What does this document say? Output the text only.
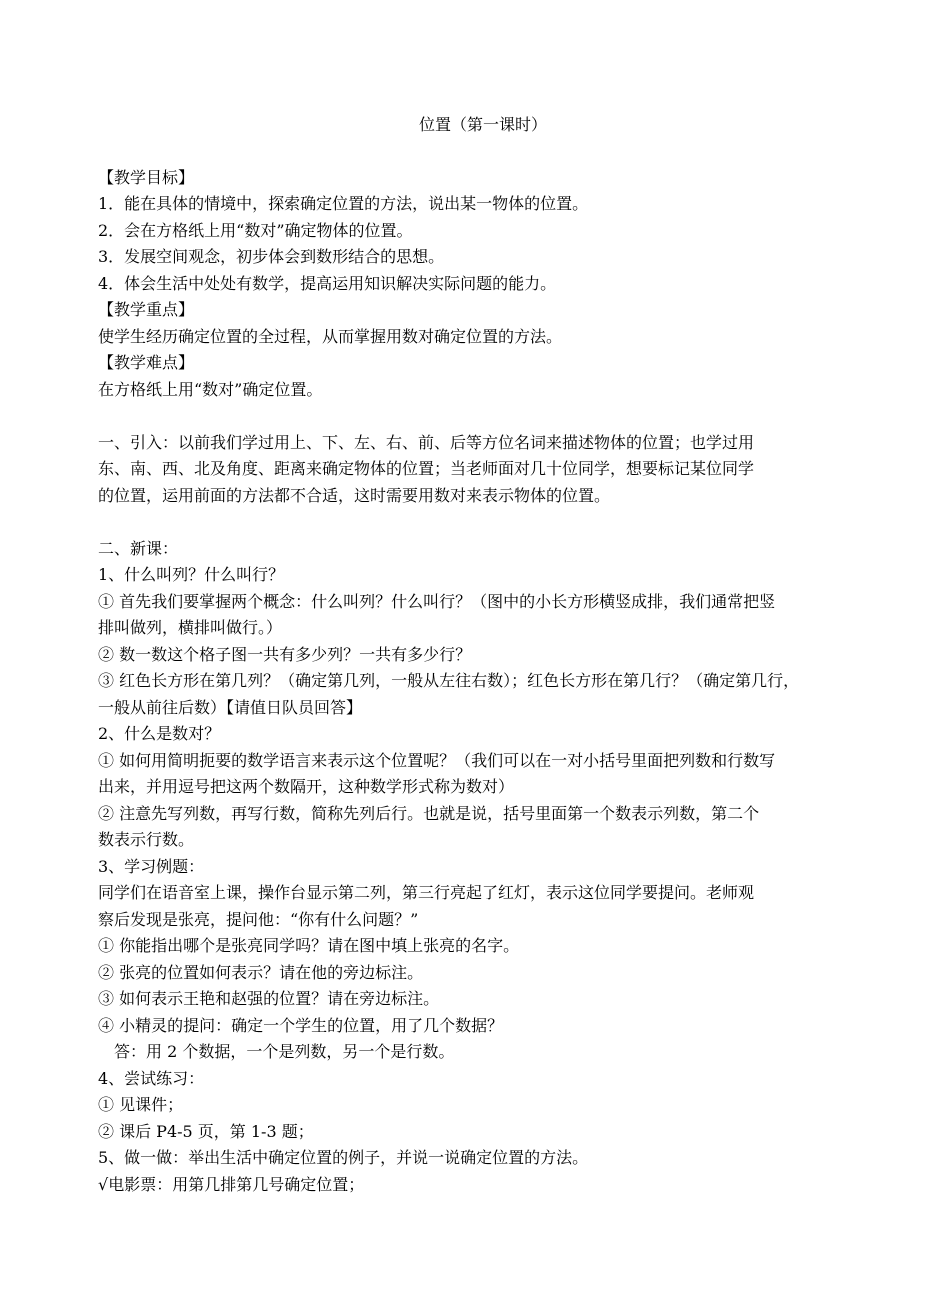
位置（第一课时）
【教学目标】
1．能在具体的情境中，探索确定位置的方法，说出某一物体的位置。
2．会在方格纸上用“数对”确定物体的位置。
3．发展空间观念，初步体会到数形结合的思想。
4．体会生活中处处有数学，提高运用知识解决实际问题的能力。
【教学重点】
使学生经历确定位置的全过程，从而掌握用数对确定位置的方法。
【教学难点】
在方格纸上用“数对”确定位置。
一、引入：以前我们学过用上、下、左、右、前、后等方位名词来描述物体的位置；也学过用
东、南、西、北及角度、距离来确定物体的位置；当老师面对几十位同学，想要标记某位同学
的位置，运用前面的方法都不合适，这时需要用数对来表示物体的位置。
二、新课：
1、什么叫列？什么叫行？
① 首先我们要掌握两个概念：什么叫列？什么叫行？（图中的小长方形横竖成排，我们通常把竖
排叫做列，横排叫做行。）
② 数一数这个格子图一共有多少列？一共有多少行？
③ 红色长方形在第几列？（确定第几列，一般从左往右数）；红色长方形在第几行？（确定第几行，
一般从前往后数）【请值日队员回答】
2、什么是数对？
① 如何用简明扼要的数学语言来表示这个位置呢？（我们可以在一对小括号里面把列数和行数写
出来，并用逗号把这两个数隔开，这种数学形式称为数对）
② 注意先写列数，再写行数，简称先列后行。也就是说，括号里面第一个数表示列数，第二个
数表示行数。
3、学习例题：
同学们在语音室上课，操作台显示第二列，第三行亮起了红灯，表示这位同学要提问。老师观
察后发现是张亮，提问他：“你有什么问题？”
① 你能指出哪个是张亮同学吗？请在图中填上张亮的名字。
② 张亮的位置如何表示？请在他的旁边标注。
③ 如何表示王艳和赵强的位置？请在旁边标注。
④ 小精灵的提问：确定一个学生的位置，用了几个数据？
答：用 2 个数据，一个是列数，另一个是行数。
4、尝试练习：
① 见课件；
② 课后 P4-5 页，第 1-3 题；
5、做一做：举出生活中确定位置的例子，并说一说确定位置的方法。
√电影票：用第几排第几号确定位置；
